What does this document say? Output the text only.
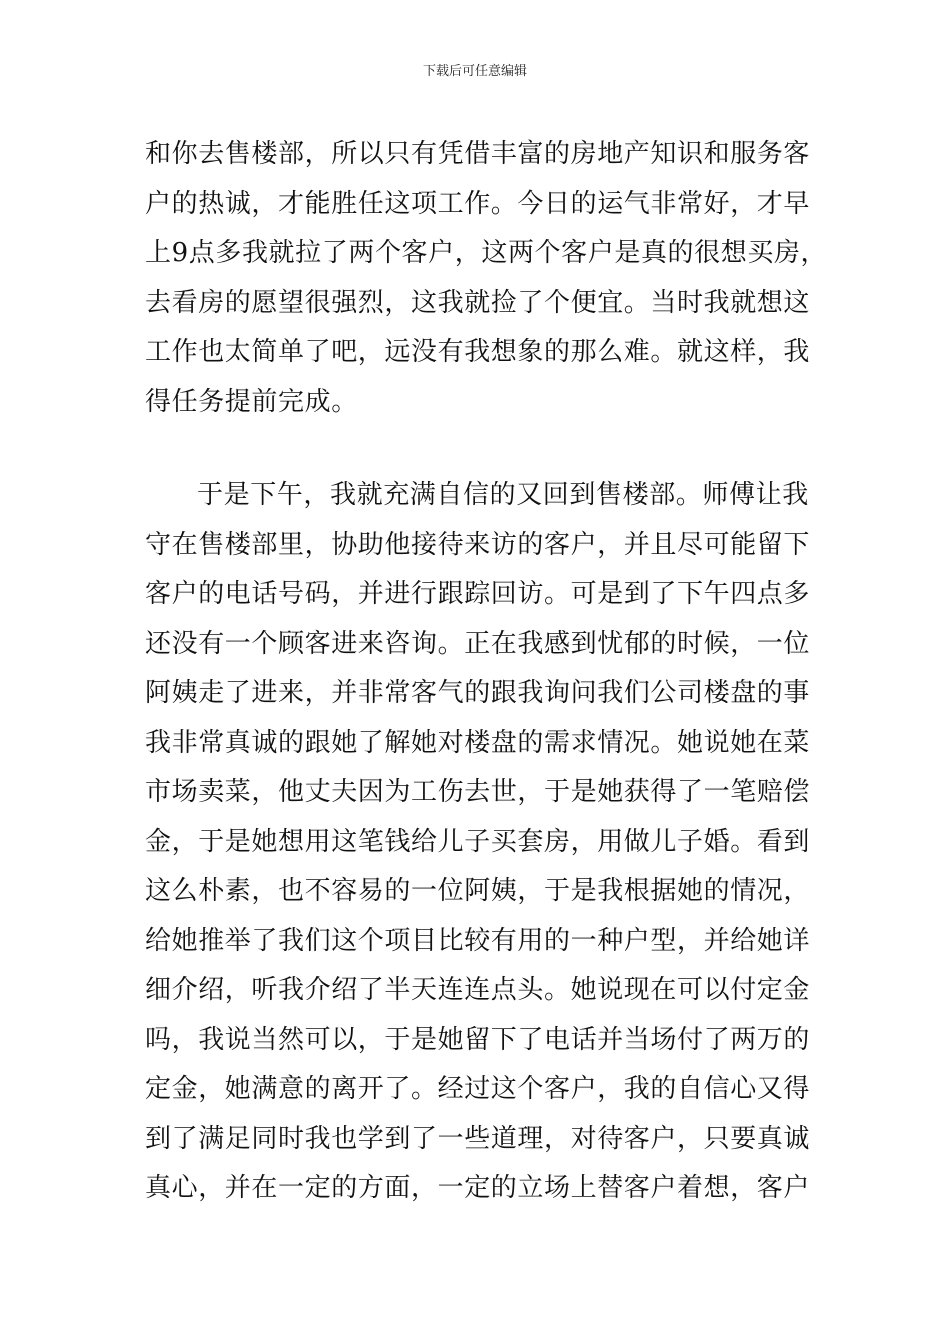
下载后可任意编辑
和你去售楼部，所以只有凭借丰富的房地产知识和服务客
户的热诚，才能胜任这项工作。今日的运气非常好，才早
上9点多我就拉了两个客户，这两个客户是真的很想买房，
去看房的愿望很强烈，这我就捡了个便宜。当时我就想这
工作也太简单了吧，远没有我想象的那么难。就这样，我
得任务提前完成。
于是下午，我就充满自信的又回到售楼部。师傅让我
守在售楼部里，协助他接待来访的客户，并且尽可能留下
客户的电话号码，并进行跟踪回访。可是到了下午四点多
还没有一个顾客进来咨询。正在我感到忧郁的时候，一位
阿姨走了进来，并非常客气的跟我询问我们公司楼盘的事
我非常真诚的跟她了解她对楼盘的需求情况。她说她在菜
市场卖菜，他丈夫因为工伤去世，于是她获得了一笔赔偿
金，于是她想用这笔钱给儿子买套房，用做儿子婚。看到
这么朴素，也不容易的一位阿姨，于是我根据她的情况，
给她推举了我们这个项目比较有用的一种户型，并给她详
细介绍，听我介绍了半天连连点头。她说现在可以付定金
吗，我说当然可以，于是她留下了电话并当场付了两万的
定金，她满意的离开了。经过这个客户，我的自信心又得
到了满足同时我也学到了一些道理，对待客户，只要真诚
真心，并在一定的方面，一定的立场上替客户着想，客户
